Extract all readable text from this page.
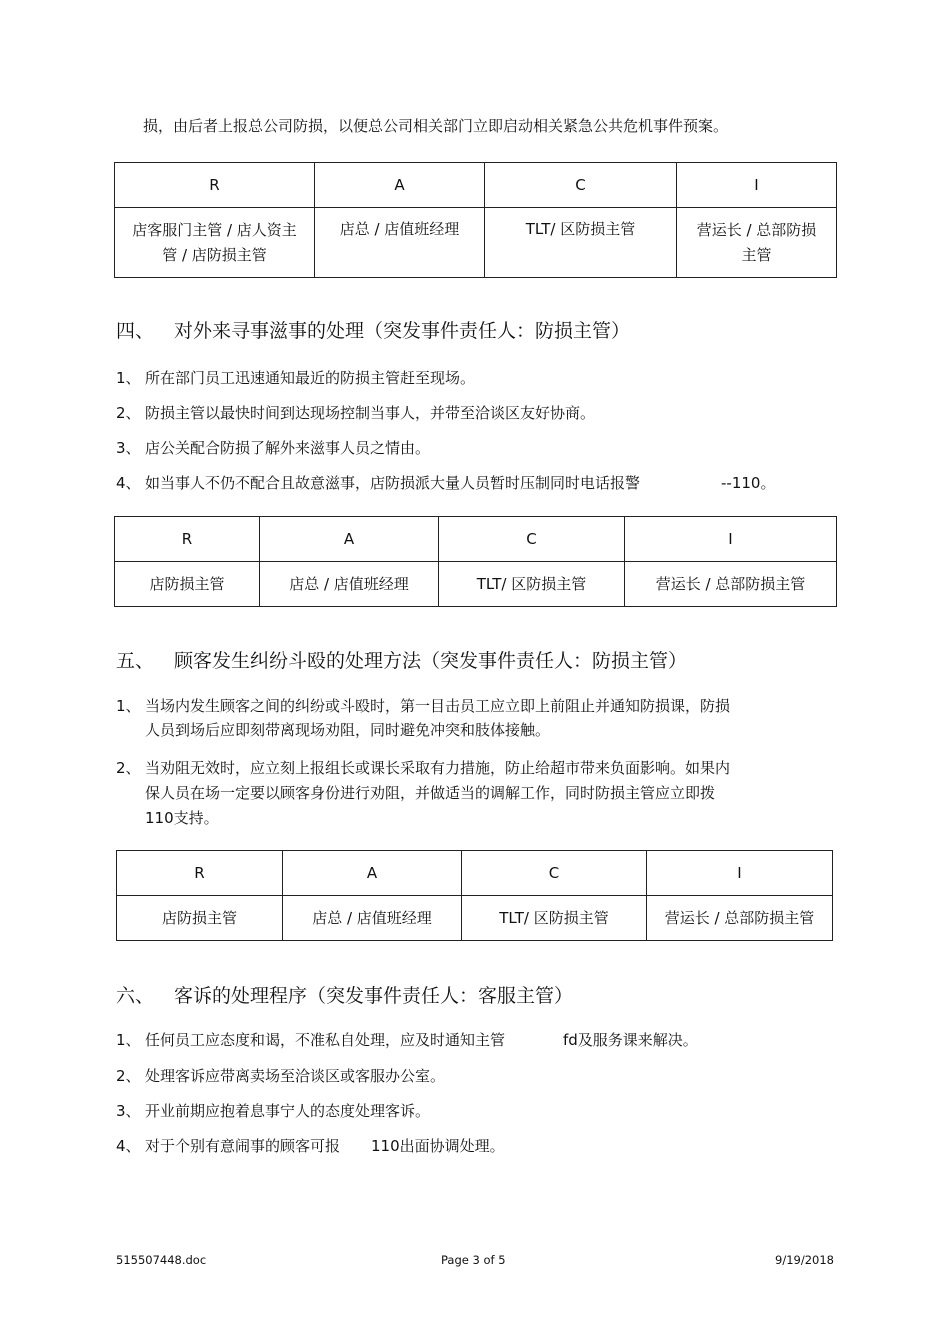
损，由后者上报总公司防损，以便总公司相关部门立即启动相关紧急公共危机事件预案。
R	A	C	I
店客服门主管 / 店人资主管 / 店防损主管	店总 / 店值班经理	TLT/ 区防损主管	营运长 / 总部防损主管
四、 对外来寻事滋事的处理（突发事件责任人：防损主管）
1、 所在部门员工迅速通知最近的防损主管赶至现场。
2、 防损主管以最快时间到达现场控制当事人，并带至洽谈区友好协商。
3、 店公关配合防损了解外来滋事人员之情由。
4、 如当事人不仍不配合且故意滋事，店防损派大量人员暂时压制同时电话报警	--110。
R	A	C	I
店防损主管	店总 / 店值班经理	TLT/ 区防损主管	营运长 / 总部防损主管
五、 顾客发生纠纷斗殴的处理方法（突发事件责任人：防损主管）
1、 当场内发生顾客之间的纠纷或斗殴时，第一目击员工应立即上前阻止并通知防损课，防损
人员到场后应即刻带离现场劝阻，同时避免冲突和肢体接触。
2、 当劝阻无效时，应立刻上报组长或课长采取有力措施，防止给超市带来负面影响。如果内
保人员在场一定要以顾客身份进行劝阻，并做适当的调解工作，同时防损主管应立即拨
110支持。
R	A	C	I
店防损主管	店总 / 店值班经理	TLT/ 区防损主管	营运长 / 总部防损主管
六、 客诉的处理程序（突发事件责任人：客服主管）
1、 任何员工应态度和谒，不准私自处理，应及时通知主管	fd及服务课来解决。
2、 处理客诉应带离卖场至洽谈区或客服办公室。
3、 开业前期应抱着息事宁人的态度处理客诉。
4、 对于个别有意闹事的顾客可报 110出面协调处理。
515507448.doc	Page 3 of 5	9/19/2018
